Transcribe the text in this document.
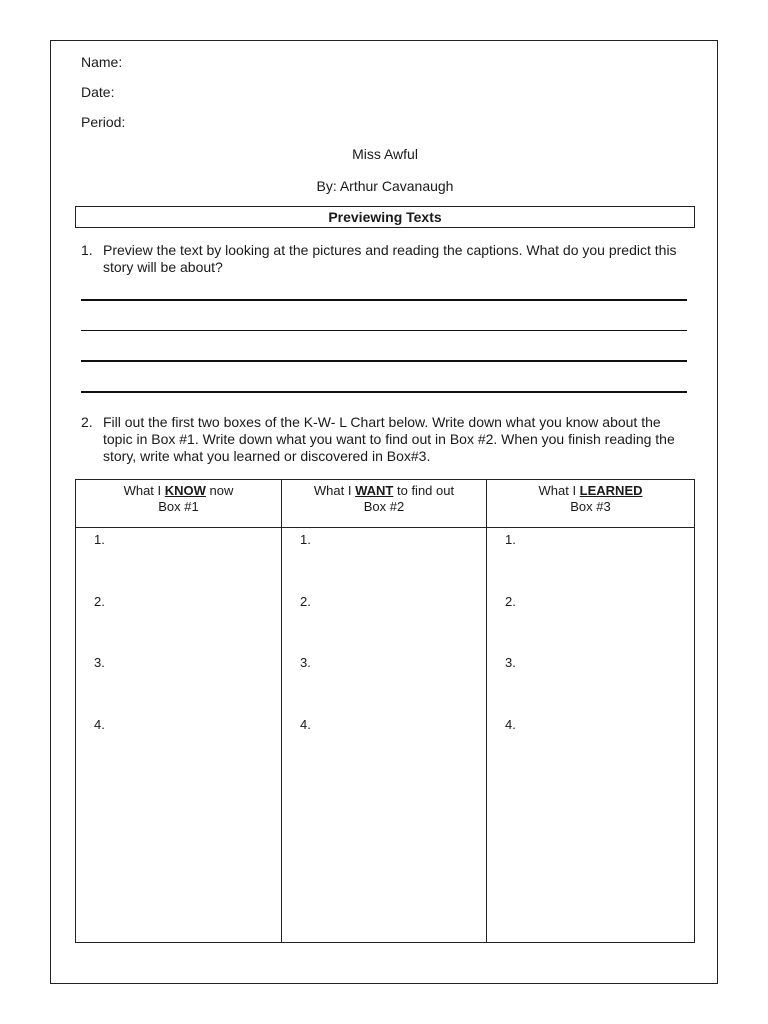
Name:
Date:
Period:
Miss Awful
By: Arthur Cavanaugh
Previewing Texts
1. Preview the text by looking at the pictures and reading the captions. What do you predict this story will be about?
2. Fill out the first two boxes of the K-W- L Chart below. Write down what you know about the topic in Box #1. Write down what you want to find out in Box #2. When you finish reading the story, write what you learned or discovered in Box#3.
What I KNOW now
Box #1
1.
2.
3.
4.
What I WANT to find out
Box #2
1.
2.
3.
4.
What I LEARNED
Box #3
1.
2.
3.
4.
